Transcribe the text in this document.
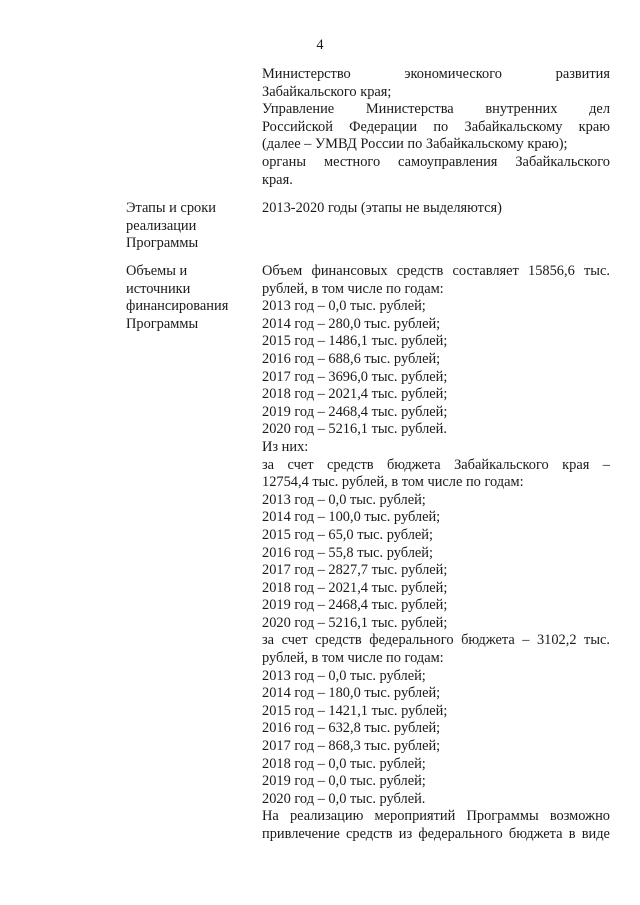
4
Министерство	экономического	развития
Забайкальского края;
Управление Министерства внутренних дел
Российской Федерации по Забайкальскому краю
(далее – УМВД России по Забайкальскому краю);
органы местного самоуправления Забайкальского
края.
Этапы и сроки
реализации
Программы
2013-2020 годы (этапы не выделяются)
Объемы и
источники
финансирования
Программы
Объем финансовых средств составляет 15856,6 тыс.
рублей, в том числе по годам:
2013 год – 0,0 тыс. рублей;
2014 год – 280,0 тыс. рублей;
2015 год – 1486,1 тыс. рублей;
2016 год – 688,6 тыс. рублей;
2017 год – 3696,0 тыс. рублей;
2018 год – 2021,4 тыс. рублей;
2019 год – 2468,4 тыс. рублей;
2020 год – 5216,1 тыс. рублей.
Из них:
за счет средств бюджета Забайкальского края –
12754,4 тыс. рублей, в том числе по годам:
2013 год – 0,0 тыс. рублей;
2014 год – 100,0 тыс. рублей;
2015 год – 65,0 тыс. рублей;
2016 год – 55,8 тыс. рублей;
2017 год – 2827,7 тыс. рублей;
2018 год – 2021,4 тыс. рублей;
2019 год – 2468,4 тыс. рублей;
2020 год – 5216,1 тыс. рублей;
за счет средств федерального бюджета – 3102,2 тыс.
рублей, в том числе по годам:
2013 год – 0,0 тыс. рублей;
2014 год – 180,0 тыс. рублей;
2015 год – 1421,1 тыс. рублей;
2016 год – 632,8 тыс. рублей;
2017 год – 868,3 тыс. рублей;
2018 год – 0,0 тыс. рублей;
2019 год – 0,0 тыс. рублей;
2020 год – 0,0 тыс. рублей.
На реализацию мероприятий Программы возможно
привлечение средств из федерального бюджета в виде
